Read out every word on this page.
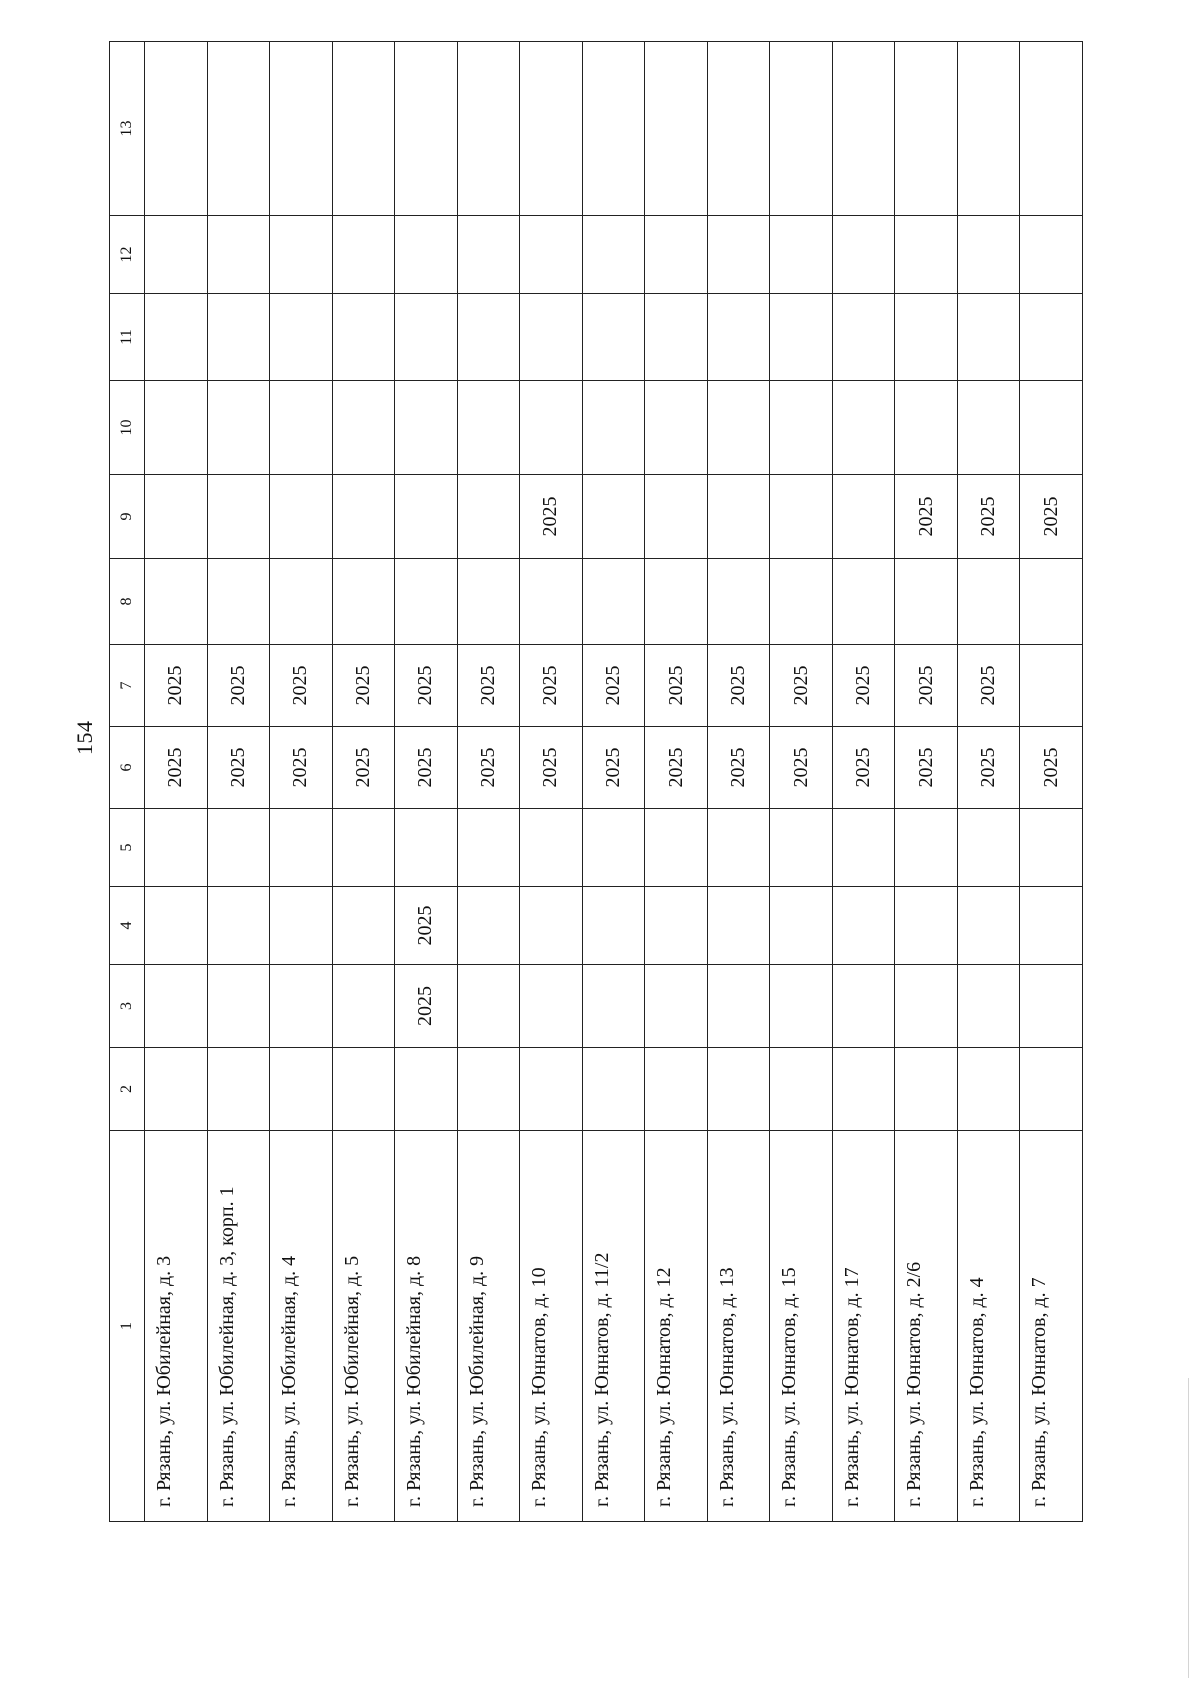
154
1	2	3	4	5	6	7	8	9	10	11	12	13
г. Рязань, ул. Юбилейная, д. 3					2025	2025						
г. Рязань, ул. Юбилейная, д. 3, корп. 1					2025	2025						
г. Рязань, ул. Юбилейная, д. 4					2025	2025						
г. Рязань, ул. Юбилейная, д. 5					2025	2025						
г. Рязань, ул. Юбилейная, д. 8		2025	2025		2025	2025						
г. Рязань, ул. Юбилейная, д. 9					2025	2025						
г. Рязань, ул. Юннатов, д. 10					2025	2025		2025				
г. Рязань, ул. Юннатов, д. 11/2					2025	2025						
г. Рязань, ул. Юннатов, д. 12					2025	2025						
г. Рязань, ул. Юннатов, д. 13					2025	2025						
г. Рязань, ул. Юннатов, д. 15					2025	2025						
г. Рязань, ул. Юннатов, д. 17					2025	2025						
г. Рязань, ул. Юннатов, д. 2/6					2025	2025		2025				
г. Рязань, ул. Юннатов, д. 4					2025	2025		2025				
г. Рязань, ул. Юннатов, д. 7					2025			2025				
